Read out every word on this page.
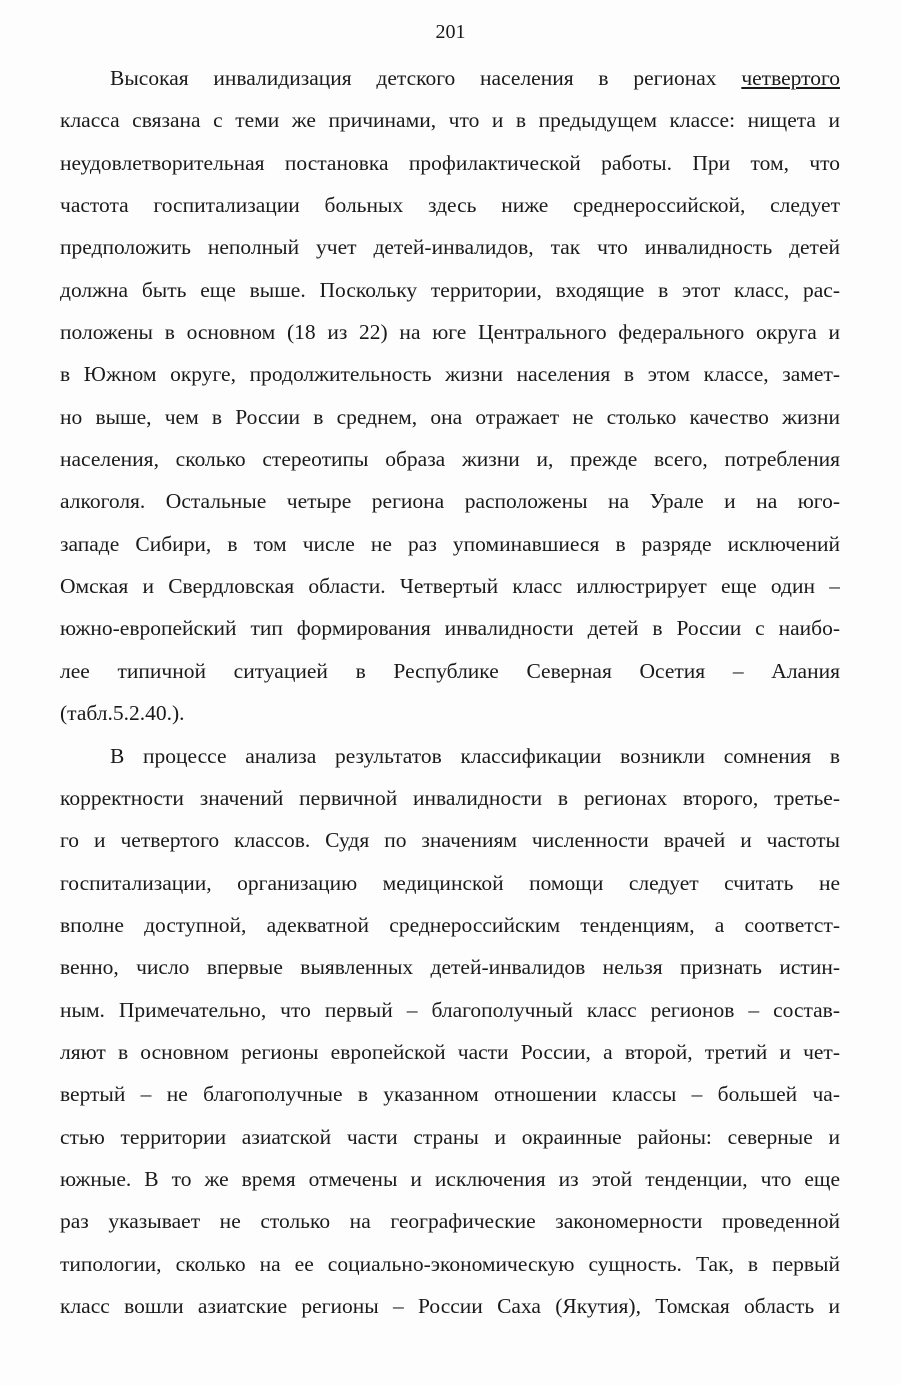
201
Высокая инвалидизация детского населения в регионах четвертого
класса связана с теми же причинами, что и в предыдущем классе: нищета и
неудовлетворительная постановка профилактической работы. При том, что
частота госпитализации больных здесь ниже среднероссийской, следует
предположить неполный учет детей-инвалидов, так что инвалидность детей
должна быть еще выше. Поскольку территории, входящие в этот класс, рас-
положены в основном (18 из 22) на юге Центрального федерального округа и
в Южном округе, продолжительность жизни населения в этом классе, замет-
но выше, чем в России в среднем, она отражает не столько качество жизни
населения, сколько стереотипы образа жизни и, прежде всего, потребления
алкоголя. Остальные четыре региона расположены на Урале и на юго-
западе Сибири, в том числе не раз упоминавшиеся в разряде исключений
Омская и Свердловская области. Четвертый класс иллюстрирует еще один –
южно-европейский тип формирования инвалидности детей в России с наибо-
лее типичной ситуацией в Республике Северная Осетия – Алания
(табл.5.2.40.).
В процессе анализа результатов классификации возникли сомнения в
корректности значений первичной инвалидности в регионах второго, третье-
го и четвертого классов. Судя по значениям численности врачей и частоты
госпитализации, организацию медицинской помощи следует считать не
вполне доступной, адекватной среднероссийским тенденциям, а соответст-
венно, число впервые выявленных детей-инвалидов нельзя признать истин-
ным. Примечательно, что первый – благополучный класс регионов – состав-
ляют в основном регионы европейской части России, а второй, третий и чет-
вертый – не благополучные в указанном отношении классы – большей ча-
стью территории азиатской части страны и окраинные районы: северные и
южные. В то же время отмечены и исключения из этой тенденции, что еще
раз указывает не столько на географические закономерности проведенной
типологии, сколько на ее социально-экономическую сущность. Так, в первый
класс вошли азиатские регионы – России Саха (Якутия), Томская область и
